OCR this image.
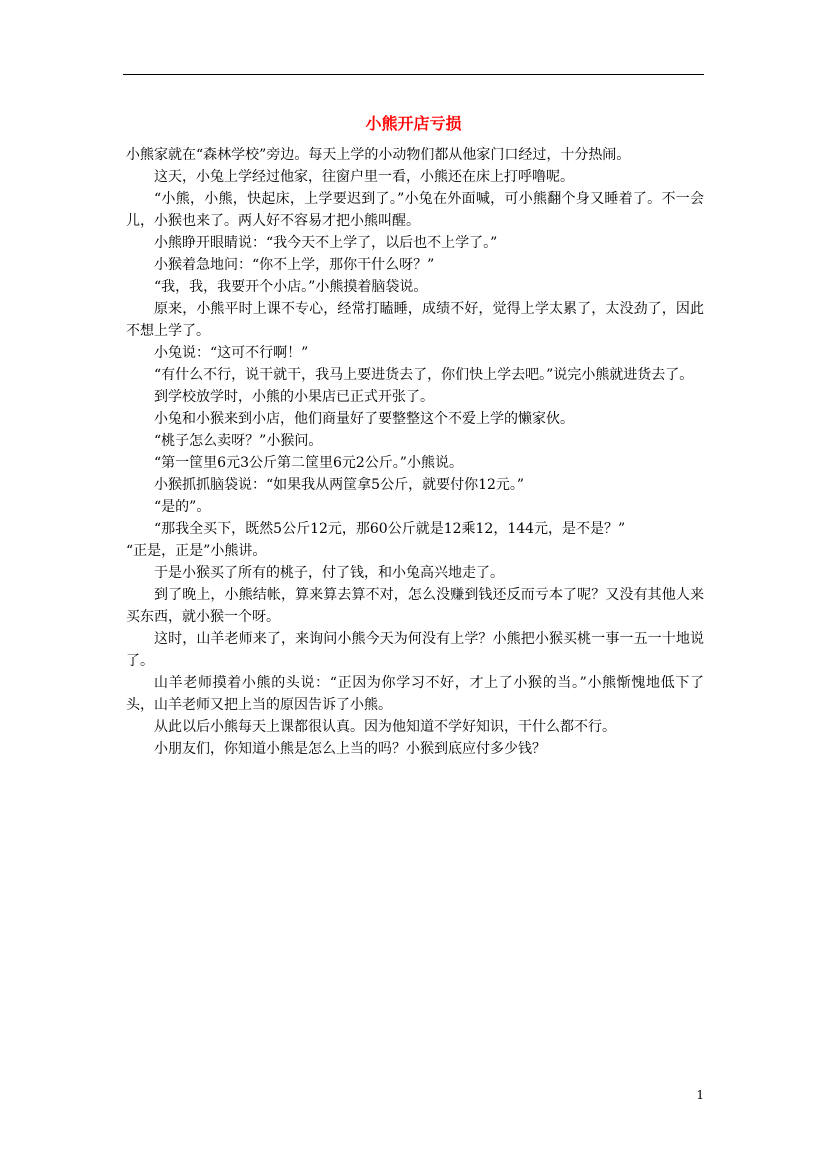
小熊开店亏损

小熊家就在“森林学校”旁边。每天上学的小动物们都从他家门口经过，十分热闹。

这天，小兔上学经过他家，往窗户里一看，小熊还在床上打呼噜呢。

“小熊，小熊，快起床，上学要迟到了。”小兔在外面喊，可小熊翻个身又睡着了。不一会儿，小猴也来了。两人好不容易才把小熊叫醒。

小熊睁开眼睛说：“我今天不上学了，以后也不上学了。”

小猴着急地问：“你不上学，那你干什么呀？”

“我，我，我要开个小店。”小熊摸着脑袋说。

原来，小熊平时上课不专心，经常打瞌睡，成绩不好，觉得上学太累了，太没劲了，因此不想上学了。

小兔说：“这可不行啊！”

“有什么不行，说干就干，我马上要进货去了，你们快上学去吧。”说完小熊就进货去了。

到学校放学时，小熊的小果店已正式开张了。

小兔和小猴来到小店，他们商量好了要整整这个不爱上学的懒家伙。

“桃子怎么卖呀？”小猴问。

“第一筐里6元3公斤第二筐里6元2公斤。”小熊说。

小猴抓抓脑袋说：“如果我从两筐拿5公斤，就要付你12元。”

“是的”。

“那我全买下，既然5公斤12元，那60公斤就是12乘12，144元，是不是？”

“正是，正是”小熊讲。

于是小猴买了所有的桃子，付了钱，和小兔高兴地走了。

到了晚上，小熊结帐，算来算去算不对，怎么没赚到钱还反而亏本了呢？又没有其他人来买东西，就小猴一个呀。

这时，山羊老师来了，来询问小熊今天为何没有上学？小熊把小猴买桃一事一五一十地说了。

山羊老师摸着小熊的头说：“正因为你学习不好，才上了小猴的当。”小熊惭愧地低下了头，山羊老师又把上当的原因告诉了小熊。

从此以后小熊每天上课都很认真。因为他知道不学好知识，干什么都不行。

小朋友们，你知道小熊是怎么上当的吗？小猴到底应付多少钱？

1
